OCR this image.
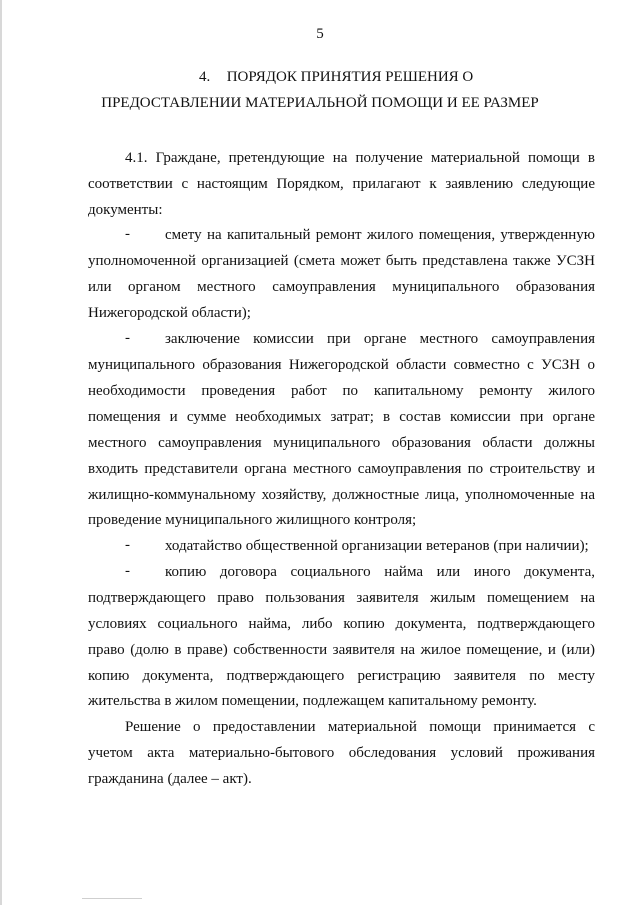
5
4.	ПОРЯДОК ПРИНЯТИЯ РЕШЕНИЯ О
ПРЕДОСТАВЛЕНИИ МАТЕРИАЛЬНОЙ ПОМОЩИ И ЕЕ РАЗМЕР
4.1. Граждане, претендующие на получение материальной помощи в
соответствии с настоящим Порядком, прилагают к заявлению следующие
документы:
- смету на капитальный ремонт жилого помещения, утвержденную
уполномоченной организацией (смета может быть представлена также УСЗН
или органом местного самоуправления муниципального образования
Нижегородской области);
- заключение комиссии при органе местного самоуправления
муниципального образования Нижегородской области совместно с УСЗН о
необходимости проведения работ по капитальному ремонту жилого
помещения и сумме необходимых затрат; в состав комиссии при органе
местного самоуправления муниципального образования области должны
входить представители органа местного самоуправления по строительству и
жилищно-коммунальному хозяйству, должностные лица, уполномоченные на
проведение муниципального жилищного контроля;
- ходатайство общественной организации ветеранов (при наличии);
- копию договора социального найма или иного документа,
подтверждающего право пользования заявителя жилым помещением на
условиях социального найма, либо копию документа, подтверждающего
право (долю в праве) собственности заявителя на жилое помещение, и (или)
копию документа, подтверждающего регистрацию заявителя по месту
жительства в жилом помещении, подлежащем капитальному ремонту.
Решение о предоставлении материальной помощи принимается с
учетом акта материально-бытового обследования условий проживания
гражданина (далее – акт).
